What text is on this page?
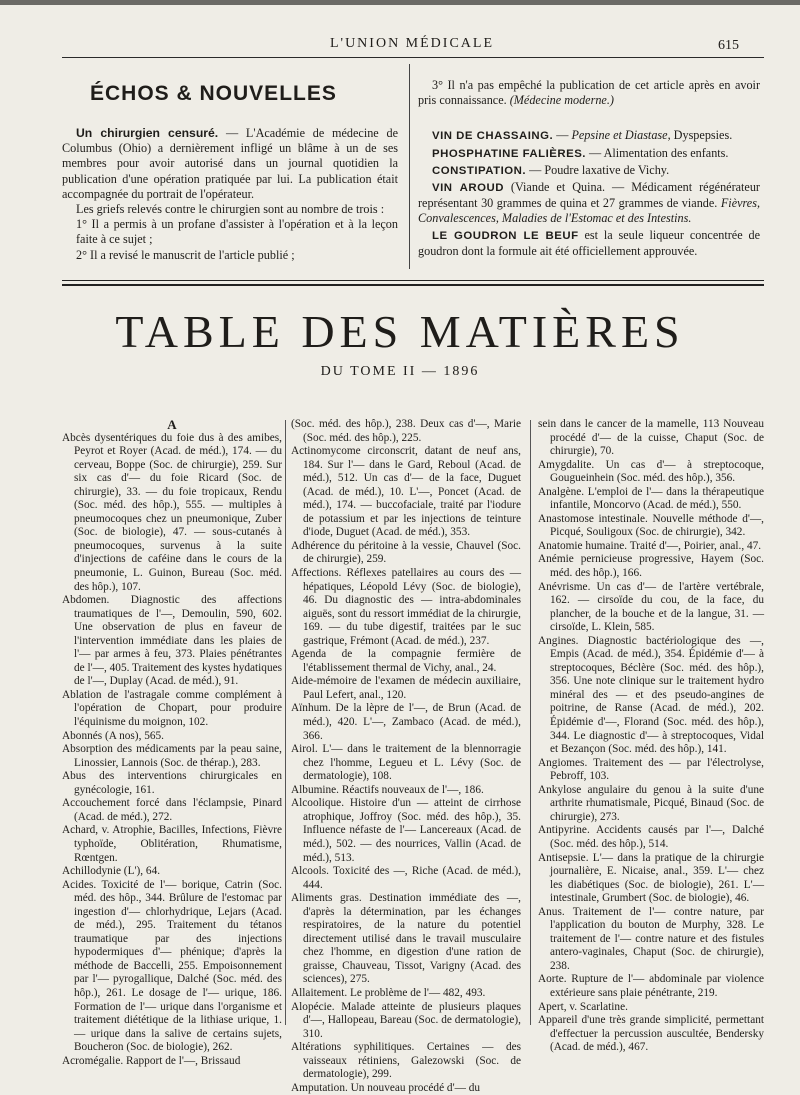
L'UNION MÉDICALE	615
ÉCHOS & NOUVELLES

Un chirurgien censuré. — L'Académie de médecine de Columbus (Ohio) a dernièrement infligé un blâme à un de ses membres pour avoir autorisé dans un journal quotidien la publication d'une opération pratiquée par lui. La publication était accompagnée du portrait de l'opérateur.

Les griefs relevés contre le chirurgien sont au nombre de trois :

1° Il a permis à un profane d'assister à l'opération et à la leçon faite à ce sujet ;

2° Il a revisé le manuscrit de l'article publié ;

3° Il n'a pas empêché la publication de cet article après en avoir pris connaissance. (Médecine moderne.)

VIN DE CHASSAING. — Pepsine et Diastase, Dyspepsies.

PHOSPHATINE FALIÈRES. — Alimentation des enfants.

CONSTIPATION. — Poudre laxative de Vichy.

VIN AROUD (Viande et Quina. — Médicament régénérateur représentant 30 grammes de quina et 27 grammes de viande. Fièvres, Convalescences, Maladies de l'Estomac et des Intestins.

LE GOUDRON LE BEUF est la seule liqueur concentrée de goudron dont la formule ait été officiellement approuvée.

TABLE DES MATIÈRES
DU TOME II — 1896

A

Abcès dysentériques du foie dus à des amibes, Peyrot et Royer (Acad. de méd.), 174. — du cerveau, Boppe (Soc. de chirurgie), 259. Sur six cas d'— du foie Ricard (Soc. de chirurgie), 33. — du foie tropicaux, Rendu (Soc. méd. des hôp.), 555. — multiples à pneumocoques chez un pneumonique, Zuber (Soc. de biologie), 47. — sous-cutanés à pneumocoques, survenus à la suite d'injections de caféine dans le cours de la pneumonie, L. Guinon, Bureau (Soc. méd. des hôp.), 107.

Abdomen. Diagnostic des affections traumatiques de l'—, Demoulin, 590, 602. Une observation de plus en faveur de l'intervention immédiate dans les plaies de l'— par armes à feu, 373. Plaies pénétrantes de l'—, 405. Traitement des kystes hydatiques de l'—, Duplay (Acad. de méd.), 91.

Ablation de l'astragale comme complément à l'opération de Chopart, pour produire l'équinisme du moignon, 102.

Abonnés (A nos), 565.

Absorption des médicaments par la peau saine, Linossier, Lannois (Soc. de thérap.), 283.

Abus des interventions chirurgicales en gynécologie, 161.

Accouchement forcé dans l'éclampsie, Pinard (Acad. de méd.), 272.

Achard, v. Atrophie, Bacilles, Infections, Fièvre typhoïde, Oblitération, Rhumatisme, Rœntgen.

Achillodynie (L'), 64.

Acides. Toxicité de l'— borique, Catrin (Soc. méd. des hôp., 344. Brûlure de l'estomac par ingestion d'— chlorhydrique, Lejars (Acad. de méd.), 295. Traitement du tétanos traumatique par des injections hypodermiques d'— phénique; d'après la méthode de Baccelli, 255. Empoisonnement par l'— pyrogallique, Dalché (Soc. méd. des hôp.), 261. Le dosage de l'— urique, 186. Formation de l'— urique dans l'organisme et traitement diététique de la lithiase urique, 1. — urique dans la salive de certains sujets, Boucheron (Soc. de biologie), 262.

Acromégalie. Rapport de l'—, Brissaud

(Soc. méd. des hôp.), 238. Deux cas d'—, Marie (Soc. méd. des hôp.), 225.

Actinomycome circonscrit, datant de neuf ans, 184. Sur l'— dans le Gard, Reboul (Acad. de méd.), 512. Un cas d'— de la face, Duguet (Acad. de méd.), 10. L'—, Poncet (Acad. de méd.), 174. — buccofaciale, traité par l'iodure de potassium et par les injections de teinture d'iode, Duguet (Acad. de méd.), 353.

Adhérence du péritoine à la vessie, Chauvel (Soc. de chirurgie), 259.

Affections. Réflexes patellaires au cours des — hépatiques, Léopold Lévy (Soc. de biologie), 46. Du diagnostic des — intra-abdominales aiguës, sont du ressort immédiat de la chirurgie, 169. — du tube digestif, traitées par le suc gastrique, Frémont (Acad. de méd.), 237.

Agenda de la compagnie fermière de l'établissement thermal de Vichy, anal., 24.

Aide-mémoire de l'examen de médecin auxiliaire, Paul Lefert, anal., 120.

Aïnhum. De la lèpre de l'—, de Brun (Acad. de méd.), 420. L'—, Zambaco (Acad. de méd.), 366.

Airol. L'— dans le traitement de la blennorragie chez l'homme, Legueu et L. Lévy (Soc. de dermatologie), 108.

Albumine. Réactifs nouveaux de l'—, 186.

Alcoolique. Histoire d'un — atteint de cirrhose atrophique, Joffroy (Soc. méd. des hôp.), 35. Influence néfaste de l'— Lancereaux (Acad. de méd.), 502. — des nourrices, Vallin (Acad. de méd.), 513.

Alcools. Toxicité des —, Riche (Acad. de méd.), 444.

Aliments gras. Destination immédiate des —, d'après la détermination, par les échanges respiratoires, de la nature du potentiel directement utilisé dans le travail musculaire chez l'homme, en digestion d'une ration de graisse, Chauveau, Tissot, Varigny (Acad. des sciences), 275.

Allaitement. Le problème de l'— 482, 493.

Alopécie. Malade atteinte de plusieurs plaques d'—, Hallopeau, Bareau (Soc. de dermatologie), 310.

Altérations syphilitiques. Certaines — des vaisseaux rétiniens, Galezowski (Soc. de dermatologie), 299.

Amputation. Un nouveau procédé d'— du

sein dans le cancer de la mamelle, 113 Nouveau procédé d'— de la cuisse, Chaput (Soc. de chirurgie), 70.

Amygdalite. Un cas d'— à streptocoque, Gougueinhein (Soc. méd. des hôp.), 356.

Analgène. L'emploi de l'— dans la thérapeutique infantile, Moncorvo (Acad. de méd.), 550.

Anastomose intestinale. Nouvelle méthode d'—, Picqué, Souligoux (Soc. de chirurgie), 342.

Anatomie humaine. Traité d'—, Poirier, anal., 47.

Anémie pernicieuse progressive, Hayem (Soc. méd. des hôp.), 166.

Anévrisme. Un cas d'— de l'artère vertébrale, 162. — cirsoïde du cou, de la face, du plancher, de la bouche et de la langue, 31. — cirsoïde, L. Klein, 585.

Angines. Diagnostic bactériologique des —, Empis (Acad. de méd.), 354. Épidémie d'— à streptocoques, Béclère (Soc. méd. des hôp.), 356. Une note clinique sur le traitement hydro minéral des — et des pseudo-angines de poitrine, de Ranse (Acad. de méd.), 202. Épidémie d'—, Florand (Soc. méd. des hôp.), 344. Le diagnostic d'— à streptocoques, Vidal et Bezançon (Soc. méd. des hôp.), 141.

Angiomes. Traitement des — par l'électrolyse, Pebroff, 103.

Ankylose angulaire du genou à la suite d'une arthrite rhumatismale, Picqué, Binaud (Soc. de chirurgie), 273.

Antipyrine. Accidents causés par l'—, Dalché (Soc. méd. des hôp.), 514.

Antisepsie. L'— dans la pratique de la chirurgie journalière, E. Nicaise, anal., 359. L'— chez les diabétiques (Soc. de biologie), 261. L'— intestinale, Grumbert (Soc. de biologie), 46.

Anus. Traitement de l'— contre nature, par l'application du bouton de Murphy, 328. Le traitement de l'— contre nature et des fistules antero-vaginales, Chaput (Soc. de chirurgie), 238.

Aorte. Rupture de l'— abdominale par violence extérieure sans plaie pénétrante, 219.

Apert, v. Scarlatine.

Appareil d'une très grande simplicité, permettant d'effectuer la percussion auscultée, Bendersky (Acad. de méd.), 467.
